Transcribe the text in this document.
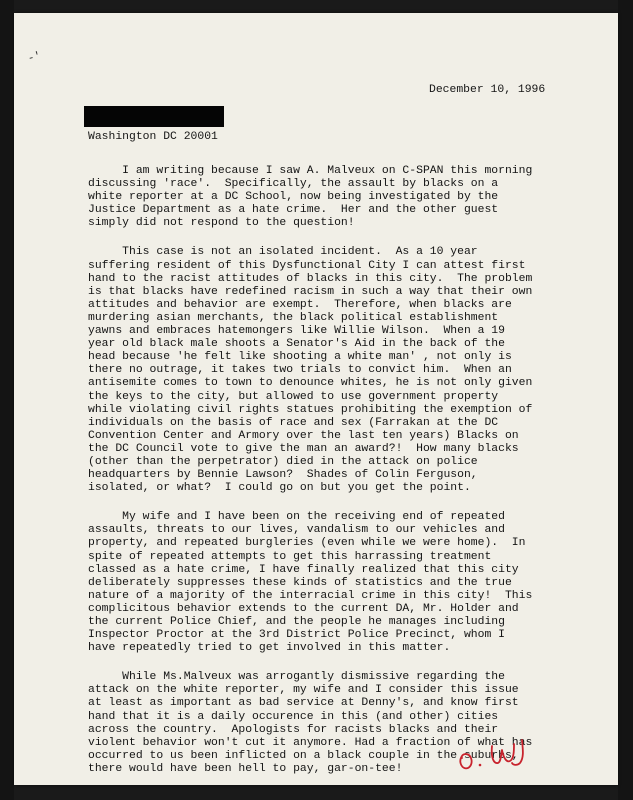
-'
December 10, 1996
Washington DC 20001
I am writing because I saw A. Malveux on C-SPAN this morning
discussing 'race'.  Specifically, the assault by blacks on a
white reporter at a DC School, now being investigated by the
Justice Department as a hate crime.  Her and the other guest
simply did not respond to the question!
This case is not an isolated incident.  As a 10 year
suffering resident of this Dysfunctional City I can attest first
hand to the racist attitudes of blacks in this city.  The problem
is that blacks have redefined racism in such a way that their own
attitudes and behavior are exempt.  Therefore, when blacks are
murdering asian merchants, the black political establishment
yawns and embraces hatemongers like Willie Wilson.  When a 19
year old black male shoots a Senator's Aid in the back of the
head because 'he felt like shooting a white man' , not only is
there no outrage, it takes two trials to convict him.  When an
antisemite comes to town to denounce whites, he is not only given
the keys to the city, but allowed to use government property
while violating civil rights statues prohibiting the exemption of
individuals on the basis of race and sex (Farrakan at the DC
Convention Center and Armory over the last ten years) Blacks on
the DC Council vote to give the man an award?!  How many blacks
(other than the perpetrator) died in the attack on police
headquarters by Bennie Lawson?  Shades of Colin Ferguson,
isolated, or what?  I could go on but you get the point.
My wife and I have been on the receiving end of repeated
assaults, threats to our lives, vandalism to our vehicles and
property, and repeated burgleries (even while we were home).  In
spite of repeated attempts to get this harrassing treatment
classed as a hate crime, I have finally realized that this city
deliberately suppresses these kinds of statistics and the true
nature of a majority of the interracial crime in this city!  This
complicitous behavior extends to the current DA, Mr. Holder and
the current Police Chief, and the people he manages including
Inspector Proctor at the 3rd District Police Precinct, whom I
have repeatedly tried to get involved in this matter.
While Ms.Malveux was arrogantly dismissive regarding the
attack on the white reporter, my wife and I consider this issue
at least as important as bad service at Denny's, and know first
hand that it is a daily occurence in this (and other) cities
across the country.  Apologists for racists blacks and their
violent behavior won't cut it anymore. Had a fraction of what has
occurred to us been inflicted on a black couple in the suburbs,
there would have been hell to pay, gar-on-tee!
